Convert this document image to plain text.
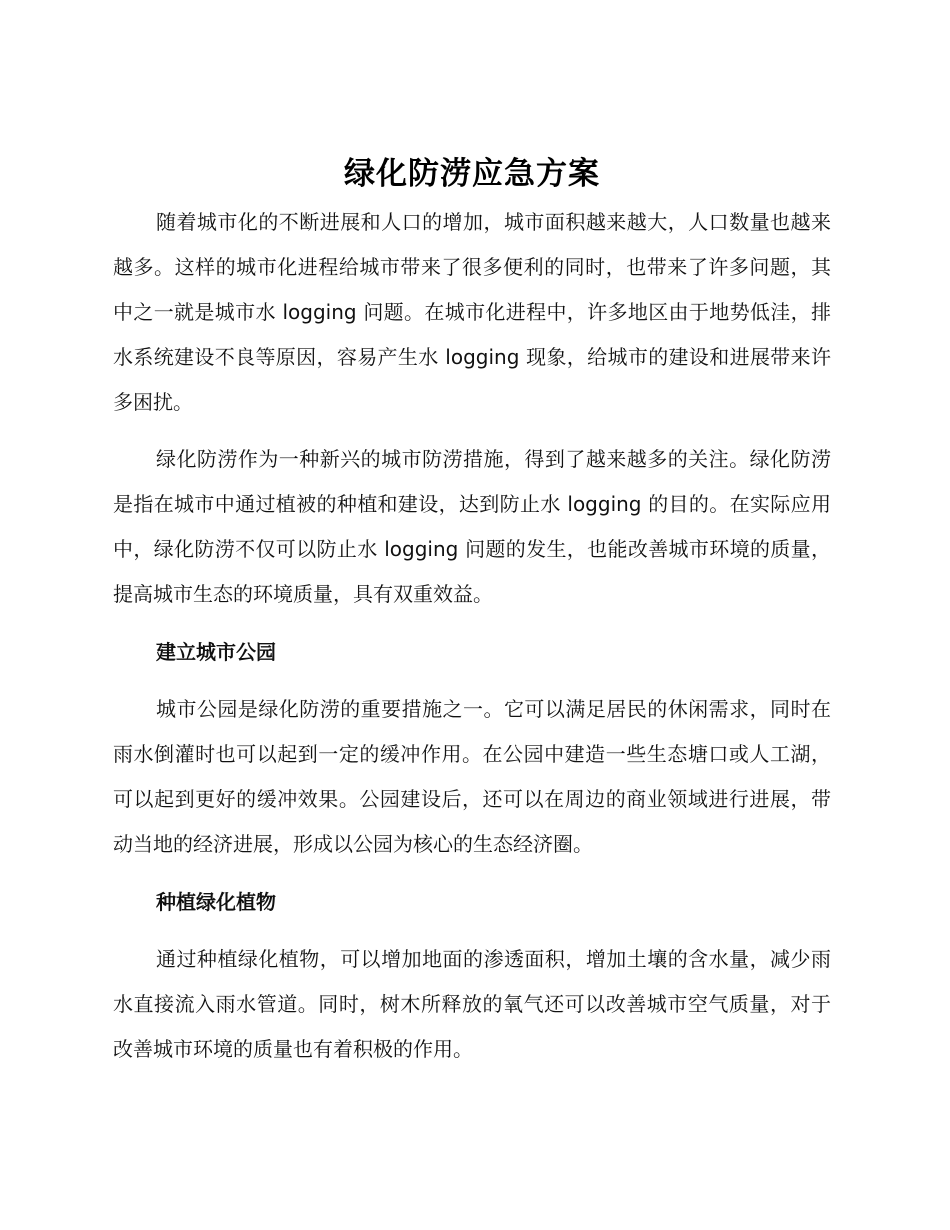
绿化防涝应急方案

随着城市化的不断进展和人口的增加，城市面积越来越大，人口数量也越来越多。这样的城市化进程给城市带来了很多便利的同时，也带来了许多问题，其中之一就是城市水 logging 问题。在城市化进程中，许多地区由于地势低洼，排水系统建设不良等原因，容易产生水 logging 现象，给城市的建设和进展带来许多困扰。

绿化防涝作为一种新兴的城市防涝措施，得到了越来越多的关注。绿化防涝是指在城市中通过植被的种植和建设，达到防止水 logging 的目的。在实际应用中，绿化防涝不仅可以防止水 logging 问题的发生，也能改善城市环境的质量，提高城市生态的环境质量，具有双重效益。

建立城市公园

城市公园是绿化防涝的重要措施之一。它可以满足居民的休闲需求，同时在雨水倒灌时也可以起到一定的缓冲作用。在公园中建造一些生态塘口或人工湖，可以起到更好的缓冲效果。公园建设后，还可以在周边的商业领域进行进展，带动当地的经济进展，形成以公园为核心的生态经济圈。

种植绿化植物

通过种植绿化植物，可以增加地面的渗透面积，增加土壤的含水量，减少雨水直接流入雨水管道。同时，树木所释放的氧气还可以改善城市空气质量，对于改善城市环境的质量也有着积极的作用。
